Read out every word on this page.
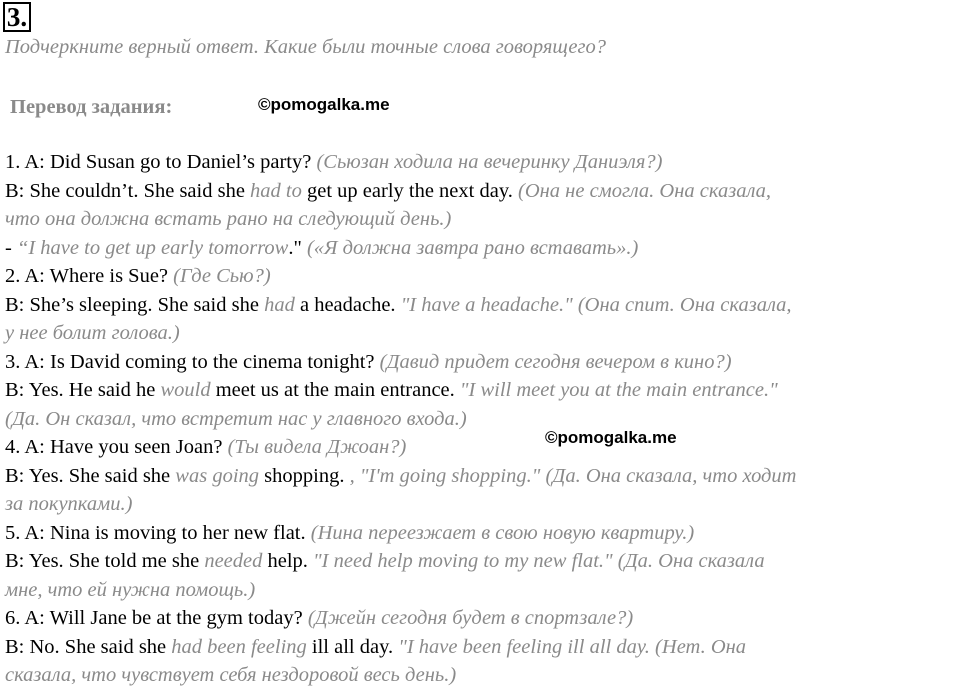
3.
Подчеркните верный ответ. Какие были точные слова говорящего?
Перевод задания:	©pomogalka.me
©pomogalka.me
1. A: Did Susan go to Daniel’s party? (Сьюзан ходила на вечеринку Даниэля?)
B: She couldn’t. She said she had to get up early the next day. (Она не смогла. Она сказала,
что она должна встать рано на следующий день.)
- “I have to get up early tomorrow." («Я должна завтра рано вставать».)
2. A: Where is Sue? (Где Сью?)
B: She’s sleeping. She said she had a headache. "I have a headache." (Она спит. Она сказала,
у нее болит голова.)
3. A: Is David coming to the cinema tonight? (Давид придет сегодня вечером в кино?)
B: Yes. He said he would meet us at the main entrance. "I will meet you at the main entrance."
(Да. Он сказал, что встретит нас у главного входа.)
4. A: Have you seen Joan? (Ты видела Джоан?)
B: Yes. She said she was going shopping. , "I'm going shopping." (Да. Она сказала, что ходит
за покупками.)
5. A: Nina is moving to her new flat. (Нина переезжает в свою новую квартиру.)
B: Yes. She told me she needed help. "I need help moving to my new flat." (Да. Она сказала
мне, что ей нужна помощь.)
6. A: Will Jane be at the gym today? (Джейн сегодня будет в спортзале?)
B: No. She said she had been feeling ill all day. "I have been feeling ill all day. (Нет. Она
сказала, что чувствует себя нездоровой весь день.)
